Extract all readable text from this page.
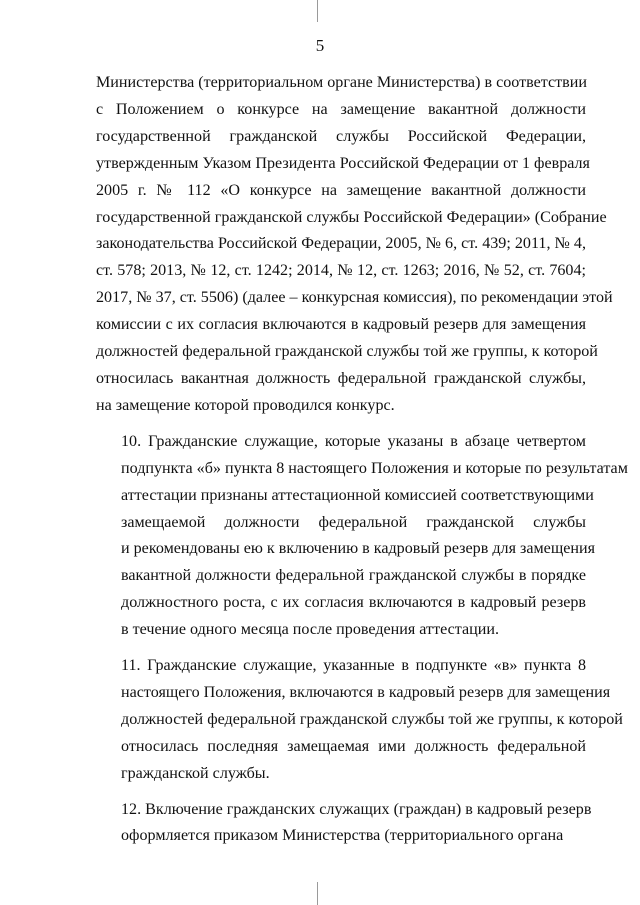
5

Министерства (территориальном органе Министерства) в соответствии
с Положением о конкурсе на замещение вакантной должности
государственной гражданской службы Российской Федерации,
утвержденным Указом Президента Российской Федерации от 1 февраля
2005 г. № 112 «О конкурсе на замещение вакантной должности
государственной гражданской службы Российской Федерации» (Собрание
законодательства Российской Федерации, 2005, № 6, ст. 439; 2011, № 4,
ст. 578; 2013, № 12, ст. 1242; 2014, № 12, ст. 1263; 2016, № 52, ст. 7604;
2017, № 37, ст. 5506) (далее – конкурсная комиссия), по рекомендации этой
комиссии с их согласия включаются в кадровый резерв для замещения
должностей федеральной гражданской службы той же группы, к которой
относилась вакантная должность федеральной гражданской службы,
на замещение которой проводился конкурс.

10. Гражданские служащие, которые указаны в абзаце четвертом
подпункта «б» пункта 8 настоящего Положения и которые по результатам
аттестации признаны аттестационной комиссией соответствующими
замещаемой должности федеральной гражданской службы
и рекомендованы ею к включению в кадровый резерв для замещения
вакантной должности федеральной гражданской службы в порядке
должностного роста, с их согласия включаются в кадровый резерв
в течение одного месяца после проведения аттестации.

11. Гражданские служащие, указанные в подпункте «в» пункта 8
настоящего Положения, включаются в кадровый резерв для замещения
должностей федеральной гражданской службы той же группы, к которой
относилась последняя замещаемая ими должность федеральной
гражданской службы.

12. Включение гражданских служащих (граждан) в кадровый резерв
оформляется приказом Министерства (территориального органа
